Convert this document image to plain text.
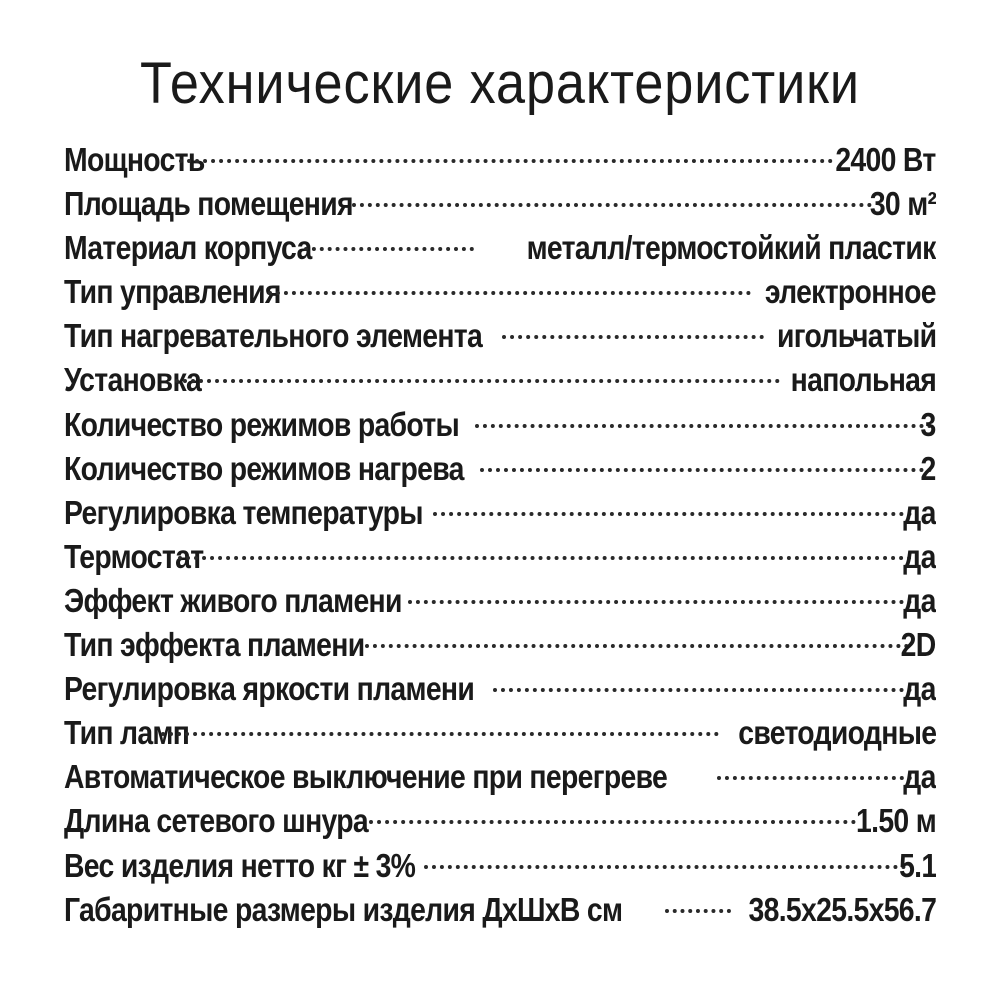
Технические характеристики
Мощность	2400 Вт
Площадь помещения	30 м²
Материал корпуса	металл/термостойкий пластик
Тип управления	электронное
Тип нагревательного элемента	игольчатый
Установка	напольная
Количество режимов работы	3
Количество режимов нагрева	2
Регулировка температуры	да
Термостат	да
Эффект живого пламени	да
Тип эффекта пламени	2D
Регулировка яркости пламени	да
Тип ламп	светодиодные
Автоматическое выключение при перегреве	да
Длина сетевого шнура	1.50 м
Вес изделия нетто кг ± 3%	5.1
Габаритные размеры изделия ДхШхВ см	38.5x25.5x56.7
